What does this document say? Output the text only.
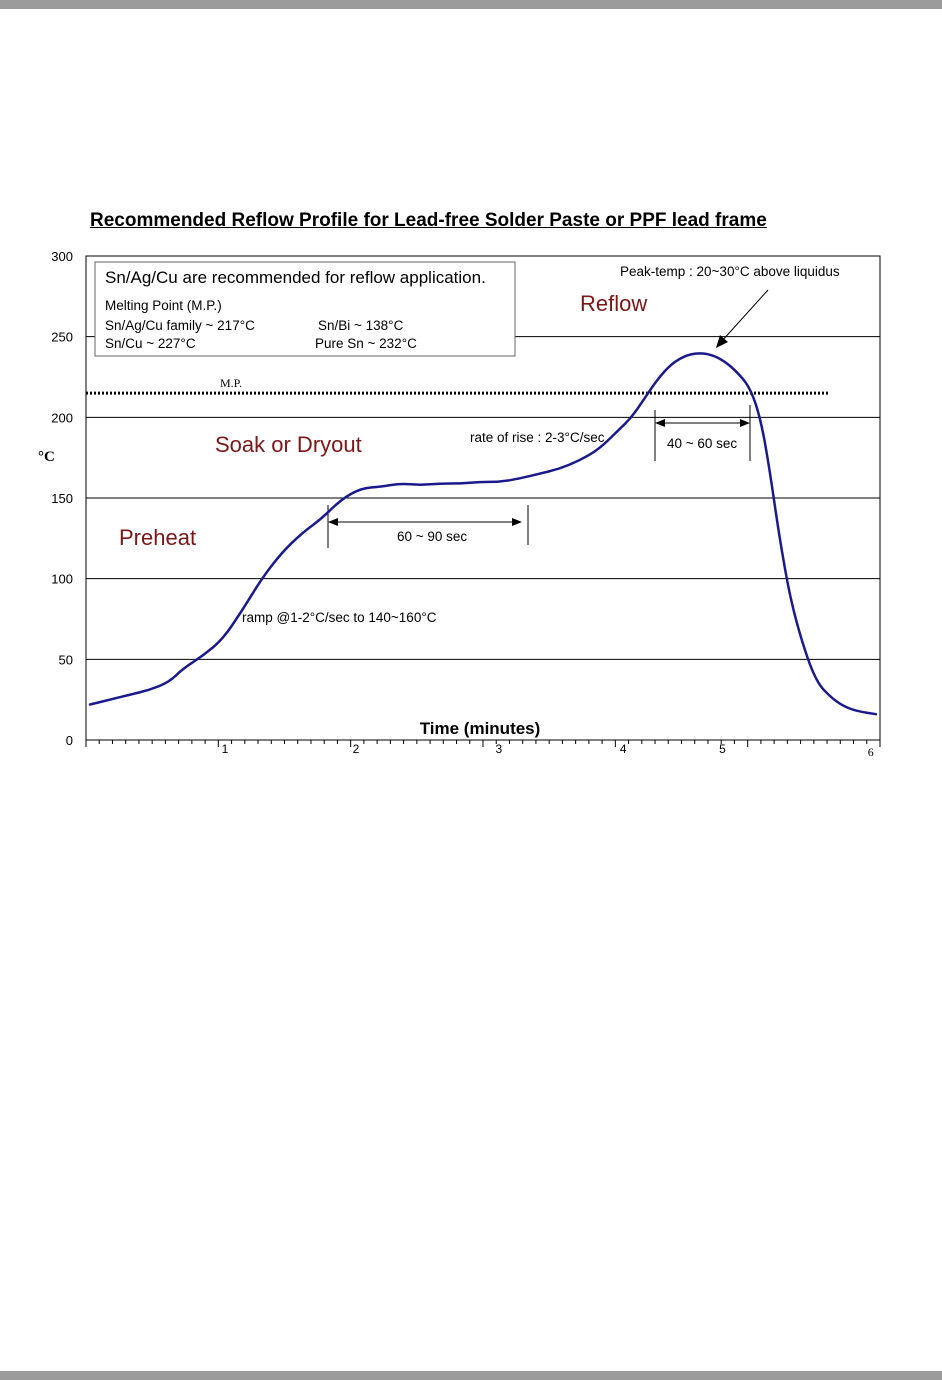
Recommended Reflow Profile for Lead-free Solder Paste or PPF lead frame
0
50
100
150
200
250
300
1	2	3	4	5	6
°C
Time (minutes)
M.P.
Sn/Ag/Cu are recommended for reflow application.
Melting Point (M.P.)
Sn/Ag/Cu family ~ 217°C	Sn/Bi ~ 138°C
Sn/Cu ~ 227°C	Pure Sn ~ 232°C
Reflow
Soak or Dryout
Preheat
Peak-temp : 20~30°C above liquidus
rate of rise : 2-3°C/sec	40 ~ 60 sec
60 ~ 90 sec
ramp @1-2°C/sec to 140~160°C
